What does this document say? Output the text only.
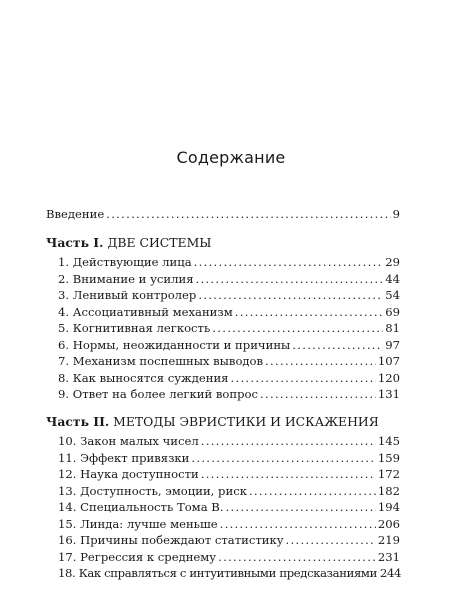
Содержание
Введение . . .	9
Часть I. ДВЕ СИСТЕМЫ
1. Действующие лица . . .	29
2. Внимание и усилия . . .	44
3. Ленивый контролер . . .	54
4. Ассоциативный механизм . . .	69
5. Когнитивная легкость . . .	81
6. Нормы, неожиданности и причины . . .	97
7. Механизм поспешных выводов . . .	107
8. Как выносятся суждения . . .	120
9. Ответ на более легкий вопрос . . .	131
Часть II. МЕТОДЫ ЭВРИСТИКИ И ИСКАЖЕНИЯ
10. Закон малых чисел . . .	145
11. Эффект привязки . . .	159
12. Наука доступности . . .	172
13. Доступность, эмоции, риск . . .	182
14. Специальность Тома В. . . .	194
15. Линда: лучше меньше . . .	206
16. Причины побеждают статистику . . .	219
17. Регрессия к среднему . . .	231
18. Как справляться с интуитивными предсказаниями 244
